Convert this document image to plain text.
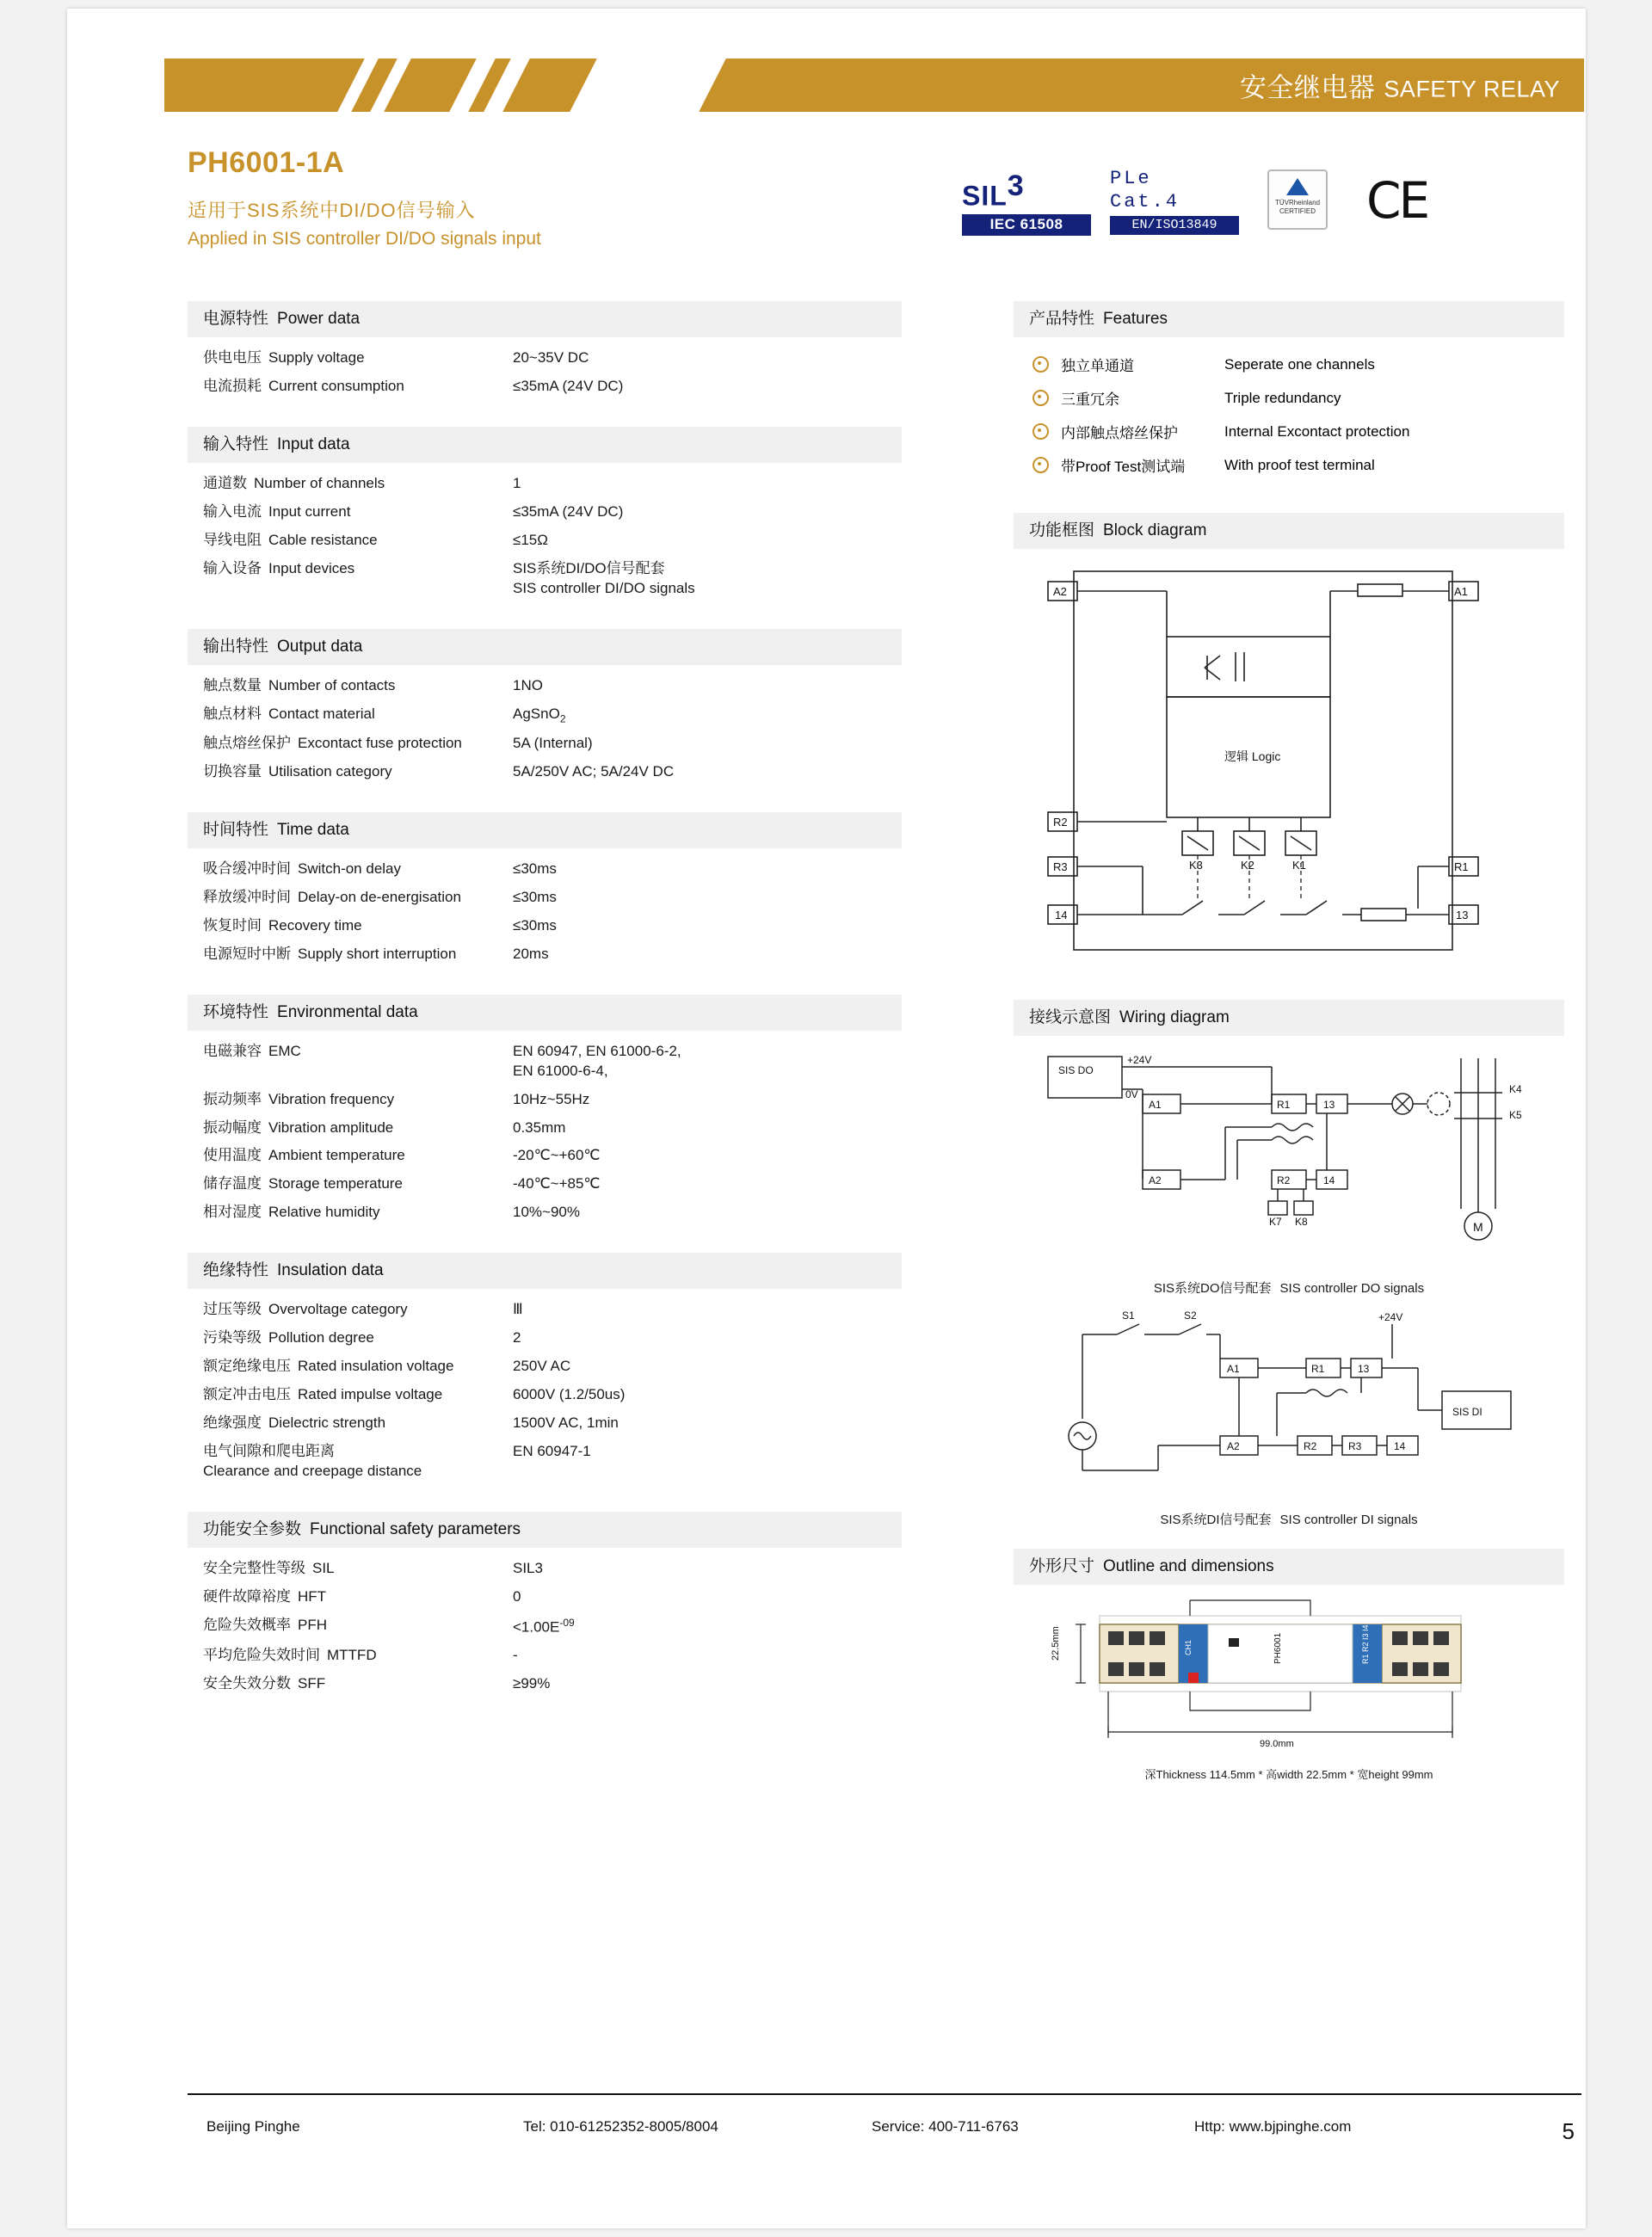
安全继电器 SAFETY RELAY
PH6001-1A
适用于SIS系统中DI/DO信号输入
Applied in SIS controller DI/DO signals input
SIL$^3$
IEC 61508
PLe
Cat.4
EN/ISO13849
TÜVRheinland
CERTIFIED CE
电源特性 Power data
供电电压 Supply voltage	20~35V DC
电流损耗 Current consumption	≤35mA (24V DC)
输入特性 Input data
通道数 Number of channels	1
输入电流 Input current	≤35mA (24V DC)
导线电阻 Cable resistance	≤15Ω
输入设备 Input devices	SIS系统DI/DO信号配套
SIS controller DI/DO signals
输出特性 Output data
触点数量 Number of contacts	1NO
触点材料 Contact material	AgSnO$_2$
触点熔丝保护 Excontact fuse protection	5A (Internal)
切换容量 Utilisation category	5A/250V AC; 5A/24V DC
时间特性 Time data
吸合缓冲时间 Switch-on delay	≤30ms
释放缓冲时间 Delay-on de-energisation	≤30ms
恢复时间 Recovery time	≤30ms
电源短时中断 Supply short interruption	20ms
环境特性 Environmental data
电磁兼容 EMC	EN 60947, EN 61000-6-2,
EN 61000-6-4,
振动频率 Vibration frequency	10Hz~55Hz
振动幅度 Vibration amplitude	0.35mm
使用温度 Ambient temperature	-20℃~+60℃
储存温度 Storage temperature	-40℃~+85℃
相对湿度 Relative humidity	10%~90%
绝缘特性 Insulation data
过压等级 Overvoltage category	Ⅲ
污染等级 Pollution degree	2
额定绝缘电压 Rated insulation voltage	250V AC
额定冲击电压 Rated impulse voltage	6000V (1.2/50us)
绝缘强度 Dielectric strength	1500V AC, 1min
电气间隙和爬电距离
Clearance and creepage distance
EN 60947-1
功能安全参数 Functional safety parameters
安全完整性等级 SIL	SIL3
硬件故障裕度 HFT	0
危险失效概率 PFH	$<1.00E^{-09}$
平均危险失效时间 MTTFD	-
安全失效分数 SFF	≥99%
产品特性 Features
独立单通道	Seperate one channels
三重冗余	Triple redundancy
内部触点熔丝保护	Internal Excontact protection
带Proof Test测试端	With proof test terminal
功能框图 Block diagram
A2	A1
R2
R3	R1
14	13
K3	K2	K1
逻辑 Logic
接线示意图 Wiring diagram
SIS DO
+24V
0V
A1
A2
R1
R2
13
14
K7 K8
K4
K5
M
SIS系统DO信号配套 SIS controller DO signals
S1	S2	+24V
A1
A2
R1
R2	R3
13
14
SIS DI
SIS系统DI信号配套 SIS controller DI signals
外形尺寸 Outline and dimensions
22.5mm
99.0mm
CH1	R1 R2 I3 I4
PH6001
深Thickness 114.5mm * 高width 22.5mm * 宽height 99mm
Beijing Pinghe	Tel: 010-61252352-8005/8004	Service: 400-711-6763	Http: www.bjpinghe.com	5
